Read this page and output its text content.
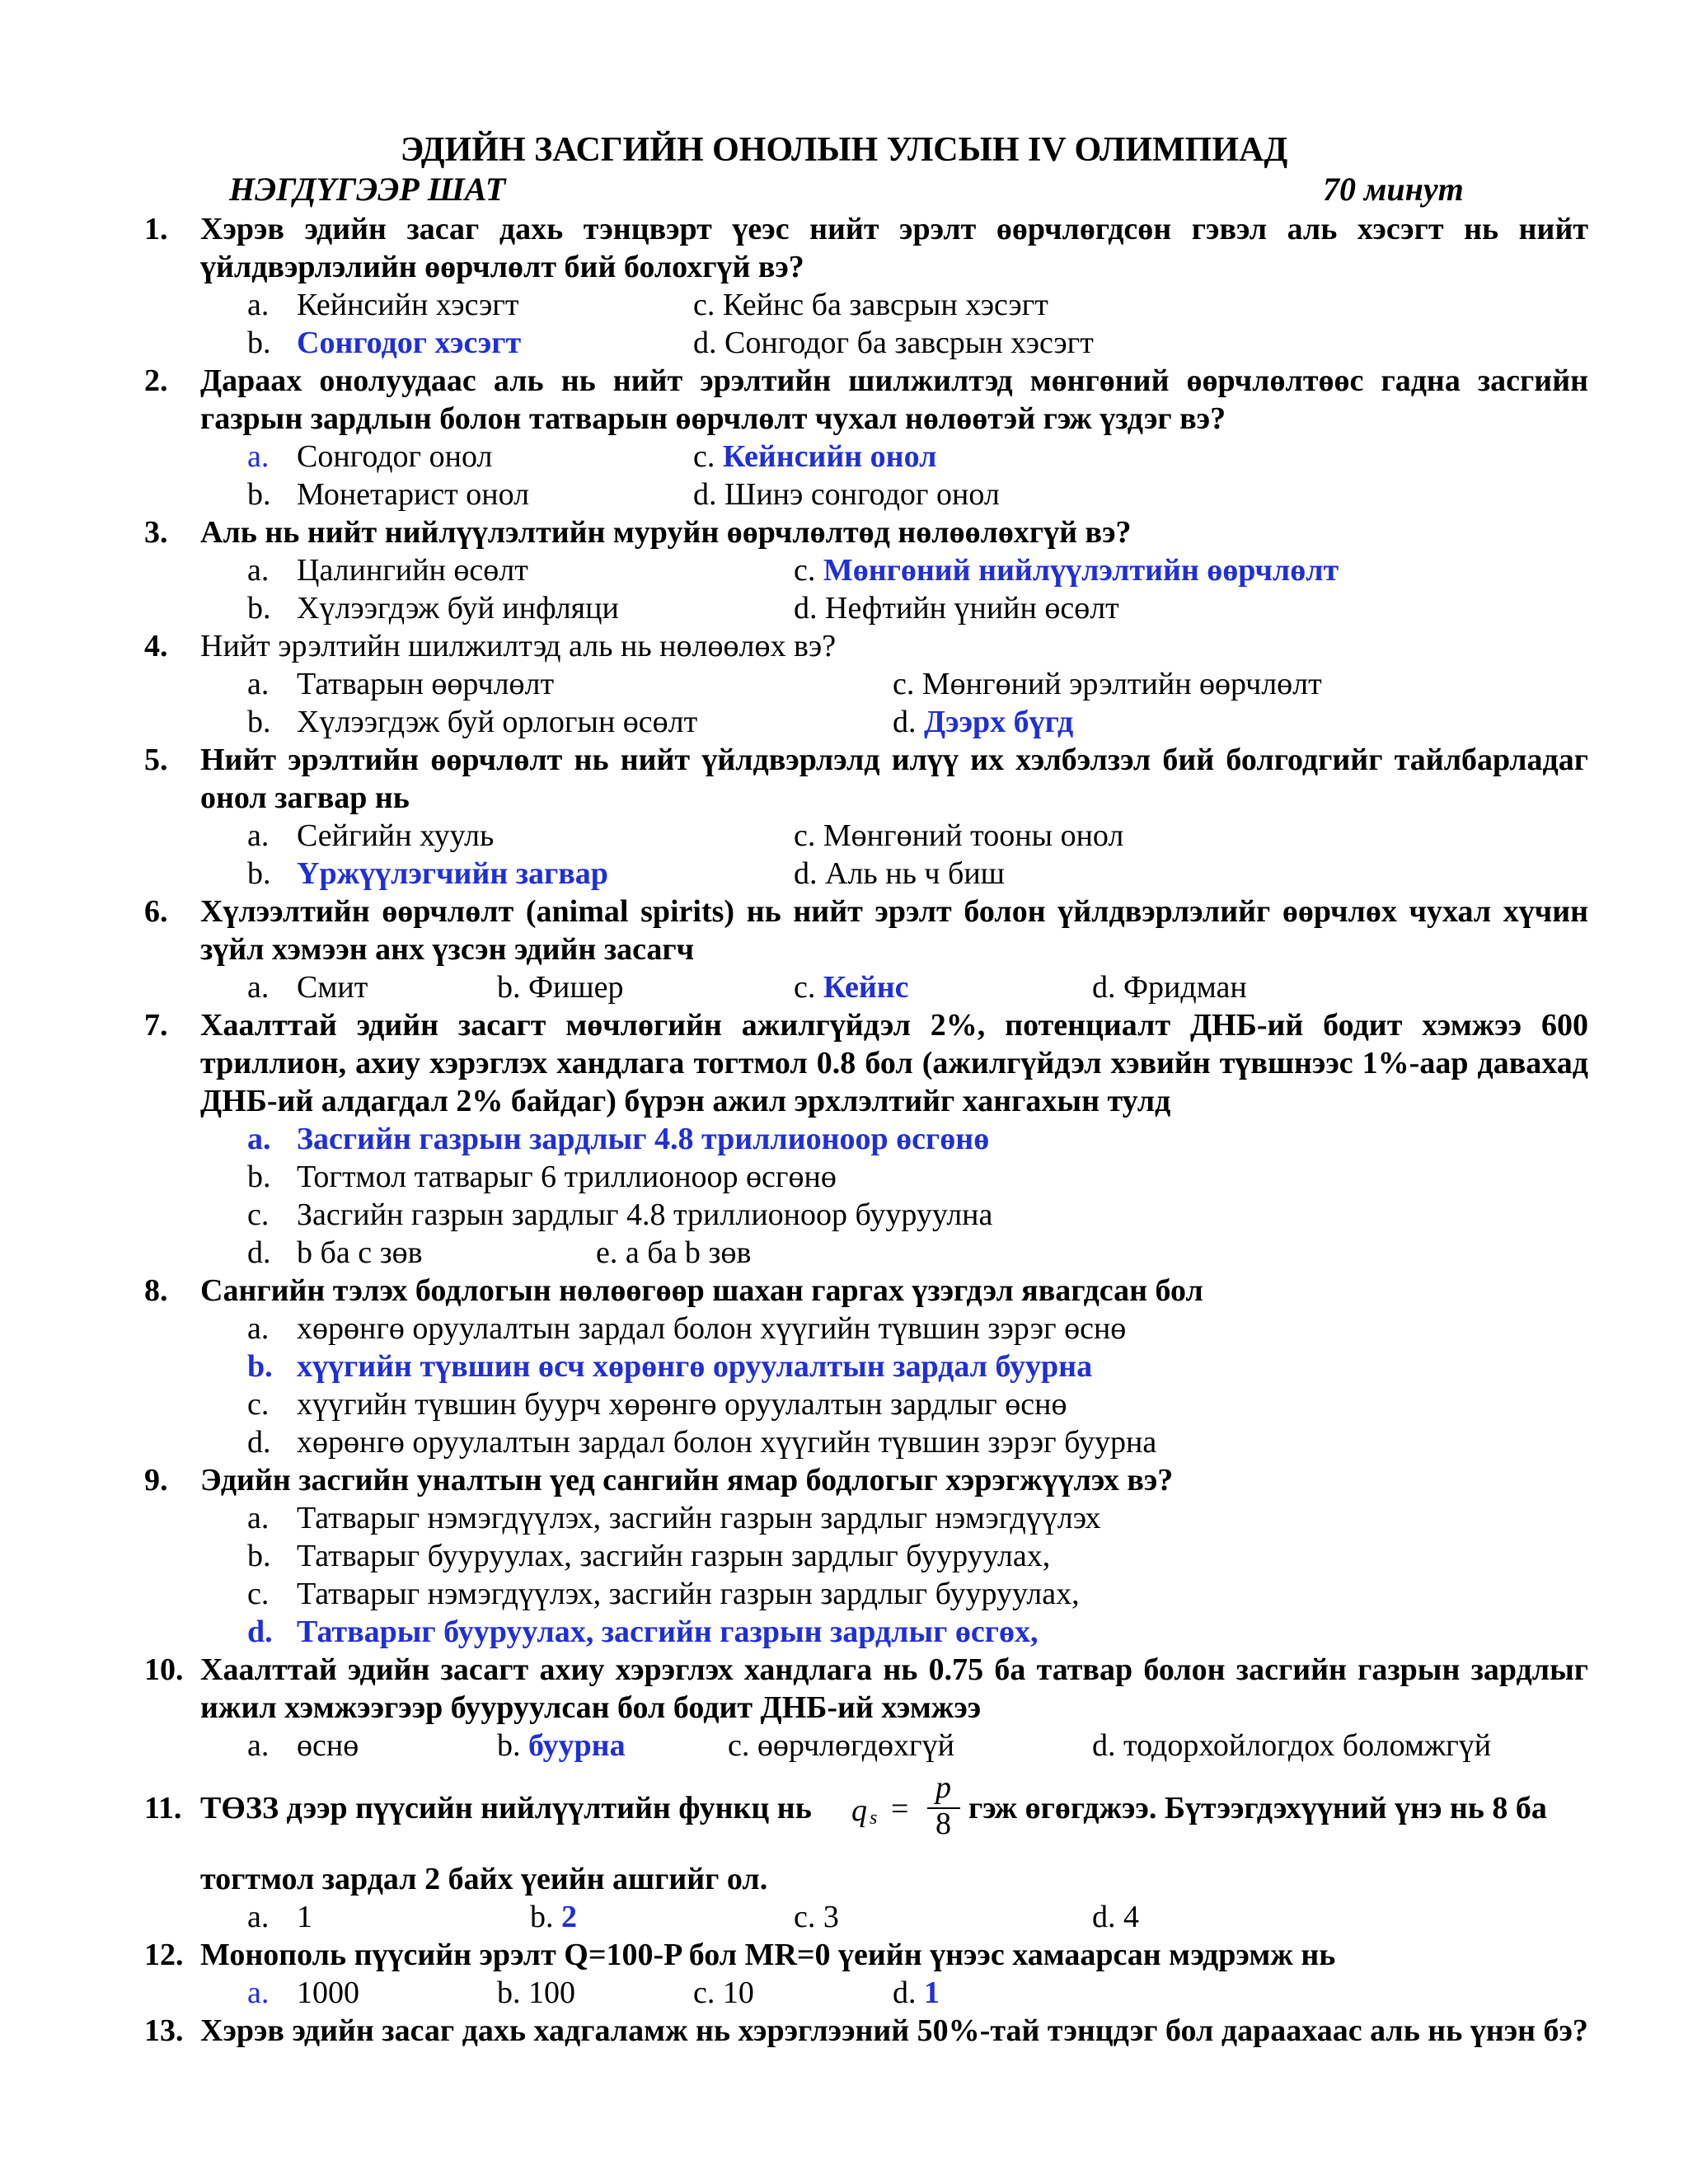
ЭДИЙН ЗАСГИЙН ОНОЛЫН УЛСЫН IV ОЛИМПИАД
НЭГДҮГЭЭР ШАТ	70 минут
1.	Хэрэв эдийн засаг дахь тэнцвэрт үеэс нийт эрэлт өөрчлөгдсөн гэвэл аль хэсэгт нь нийт үйлдвэрлэлийн өөрчлөлт бий болохгүй вэ?
a. Кейнсийн хэсэгт	c. Кейнс ба завсрын хэсэгт
b. Сонгодог хэсэгт	d. Сонгодог ба завсрын хэсэгт
2.	Дараах онолуудаас аль нь нийт эрэлтийн шилжилтэд мөнгөний өөрчлөлтөөс гадна засгийн газрын зардлын болон татварын өөрчлөлт чухал нөлөөтэй гэж үздэг вэ?
a. Сонгодог онол	c. Кейнсийн онол
b. Монетарист онол	d. Шинэ сонгодог онол
3.	Аль нь нийт нийлүүлэлтийн муруйн өөрчлөлтөд нөлөөлөхгүй вэ?
a. Цалингийн өсөлт	c. Мөнгөний нийлүүлэлтийн өөрчлөлт
b. Хүлээгдэж буй инфляци	d. Нефтийн үнийн өсөлт
4.	Нийт эрэлтийн шилжилтэд аль нь нөлөөлөх вэ?
a. Татварын өөрчлөлт	c. Мөнгөний эрэлтийн өөрчлөлт
b. Хүлээгдэж буй орлогын өсөлт	d. Дээрх бүгд
5.	Нийт эрэлтийн өөрчлөлт нь нийт үйлдвэрлэлд илүү их хэлбэлзэл бий болгодгийг тайлбарладаг онол загвар нь
a. Сейгийн хууль	c. Мөнгөний тооны онол
b. Үржүүлэгчийн загвар	d. Аль нь ч биш
6.	Хүлээлтийн өөрчлөлт (animal spirits) нь нийт эрэлт болон үйлдвэрлэлийг өөрчлөх чухал хүчин зүйл хэмээн анх үзсэн эдийн засагч
a. Смит	b. Фишер	c. Кейнс	d. Фридман
7.	Хаалттай эдийн засагт мөчлөгийн ажилгүйдэл 2%, потенциалт ДНБ-ий бодит хэмжээ 600 триллион, ахиу хэрэглэх хандлага тогтмол 0.8 бол (ажилгүйдэл хэвийн түвшнээс 1%-аар давахад ДНБ-ий алдагдал 2% байдаг) бүрэн ажил эрхлэлтийг хангахын тулд
a. Засгийн газрын зардлыг 4.8 триллионоор өсгөнө
b. Тогтмол татварыг 6 триллионоор өсгөнө
c. Засгийн газрын зардлыг 4.8 триллионоор бууруулна
d. b ба c зөв	e. a ба b зөв
8.	Сангийн тэлэх бодлогын нөлөөгөөр шахан гаргах үзэгдэл явагдсан бол
a. хөрөнгө оруулалтын зардал болон хүүгийн түвшин зэрэг өснө
b. хүүгийн түвшин өсч хөрөнгө оруулалтын зардал буурна
c. хүүгийн түвшин буурч хөрөнгө оруулалтын зардлыг өснө
d. хөрөнгө оруулалтын зардал болон хүүгийн түвшин зэрэг буурна
9.	Эдийн засгийн уналтын үед сангийн ямар бодлогыг хэрэгжүүлэх вэ?
a. Татварыг нэмэгдүүлэх, засгийн газрын зардлыг нэмэгдүүлэх
b. Татварыг бууруулах, засгийн газрын зардлыг бууруулах,
c. Татварыг нэмэгдүүлэх, засгийн газрын зардлыг бууруулах,
d. Татварыг бууруулах, засгийн газрын зардлыг өсгөх,
10. Хаалттай эдийн засагт ахиу хэрэглэх хандлага нь 0.75 ба татвар болон засгийн газрын зардлыг ижил хэмжээгээр бууруулсан бол бодит ДНБ-ий хэмжээ
a. өснө	b. буурна	c. өөрчлөгдөхгүй	d. тодорхойлогдох боломжгүй
11. ТӨЗЗ дээр пүүсийн нийлүүлтийн функц нь q s =
p
8 гэж өгөгджээ. Бүтээгдэхүүний үнэ нь 8 ба
тогтмол зардал 2 байх үеийн ашгийг ол.
a. 1	b. 2	c. 3	d. 4
12. Монополь пүүсийн эрэлт Q=100-P бол MR=0 үеийн үнээс хамаарсан мэдрэмж нь
a. 1000	b. 100	c. 10	d. 1
13. Хэрэв эдийн засаг дахь хадгаламж нь хэрэглээний 50%-тай тэнцдэг бол дараахаас аль нь үнэн бэ?
